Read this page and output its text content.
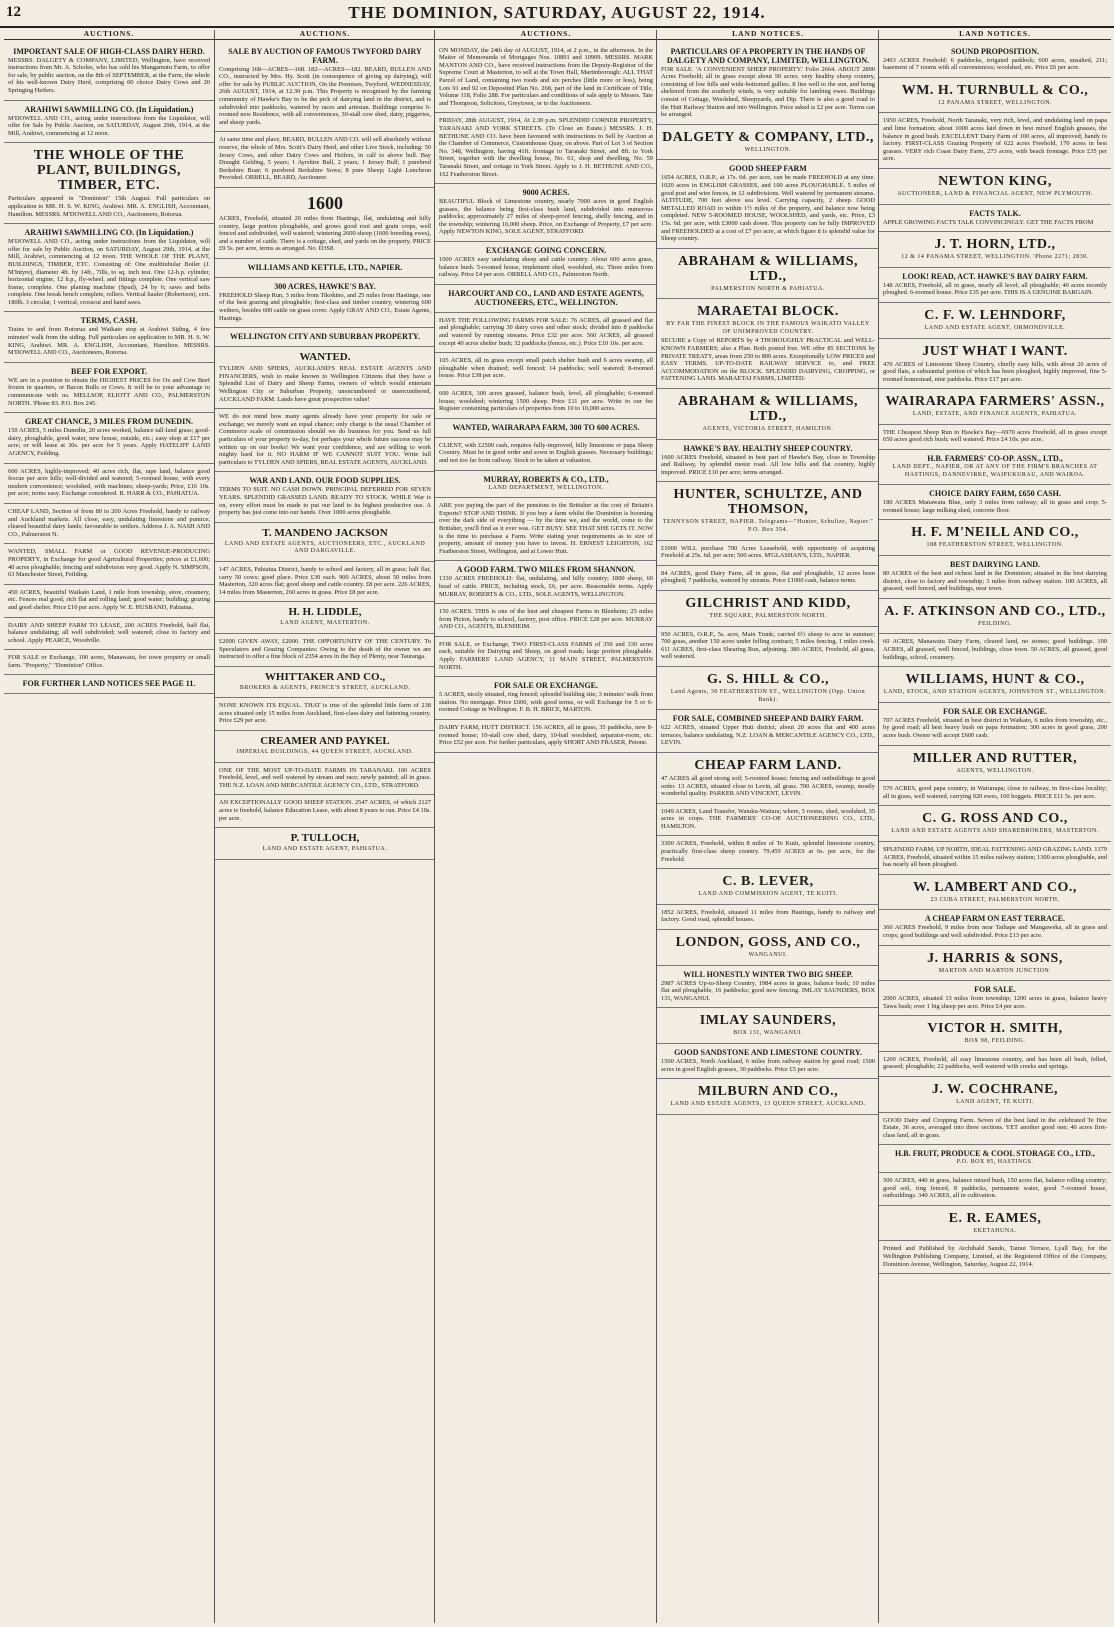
12	THE DOMINION, SATURDAY, AUGUST 22, 1914.
AUCTIONS.
IMPORTANT SALE OF HIGH-CLASS DAIRY HERD.

MESSRS. DALGETY & COMPANY, LIMITED, Wellington, have received instructions from Mr. A. Scholes, who has sold his Mangamutu Farm, to offer for sale, by public auction, on the 8th of SEPTEMBER, at the Farm, the whole of his well-known Dairy Herd, comprising 60 choice Dairy Cows and 20 Springing Heifers.

ARAHIWI SAWMILLING CO. (In Liquidation.)

M'DOWELL AND CO., acting under instructions from the Liquidator, will offer for Sale by Public Auction, on SATURDAY, August 29th, 1914, at the Mill, Arahiwi, commencing at 12 noon.

THE WHOLE OF THE PLANT, BUILDINGS, TIMBER, ETC.

Particulars appeared in "Dominion" 15th August. Full particulars on application to MR. H. S. W. KING, Arahiwi. MR. A. ENGLISH, Accountant, Hamilton. MESSRS. M'DOWELL AND CO., Auctioneers, Rotorua.

ARAHIWI SAWMILLING CO. (In Liquidation.)

M'DOWELL AND CO., acting under instructions from the Liquidator, will offer for sale by Public Auction, on SATURDAY, August 29th, 1914, at the Mill, Arahiwi, commencing at 12 noon. THE WHOLE OF THE PLANT, BUILDINGS, TIMBER, ETC. Consisting of: One multitubular Boiler (J. M'Intyre), diameter 4ft. by 14ft., 7ills, to sq. inch test. One 12-h.p. cylinder, horizontal engine, 12 h.p., fly-wheel, and fittings complete. One vertical saw frame, complete. One planing machine (Spud), 24 by 6; saws and belts complete. One break bench complete, rollers. Vertical hauler (Robertson), cert. 180lb. 3 circular, 1 vertical, crosscut and hand saws.

TERMS, CASH.

Trains to and from Rotorua and Waikato stop at Arahiwi Siding, 4 few minutes' walk from the siding. Full particulars on application to MR. H. S. W. KING, Arahiwi. MR. A. ENGLISH, Accountant, Hamilton. MESSRS. M'DOWELL AND CO., Auctioneers, Rotorua.

BEEF FOR EXPORT.

WE are in a position to obtain the HIGHEST PRICES for Ox and Cow Beef frozen in quarters, or Bacon Bulls or Cows. It will be to your advantage to communicate with us. MELLSOP, ELIOTT AND CO., PALMERSTON NORTH. 'Phone 83. P.O. Box 245.

GREAT CHANCE, 3 MILES FROM DUNEDIN.

150 ACRES, 5 miles Dunedin, 20 acres worked, balance tall-land grass; good-dairy, ploughable, good water, new house, outside, etc.; easy shop at £17 per acre; or will lease at 30s. per acre for 5 years. Apply HATELIFF LAND AGENCY, Feilding.

600 ACRES, highly-improved; 40 acres rich, flat, rape land, balance good fescue per acre hills; well-divided and watered; 5-roomed house, with every modern convenience; woolshed, with machines; sheep-yards; Price, £16 10s. per acre; terms easy. Exchange considered. B. HARR & CO., PAHIATUA.

CHEAP LAND, Section of from 80 to 200 Acres Freehold, handy to railway and Auckland markets. All close, easy, undulating limestone and pumice; cleared beautiful dairy lands; favourable to settlers. Address J. A. NASH AND CO., Palmerston N.

WANTED, SMALL FARM or GOOD REVENUE-PRODUCING PROPERTY, in Exchange for good Agricultural Properties; prices at £1,600; 40 acres ploughable; fencing and subdivision very good. Apply N. SIMPSON, 63 Manchester Street, Feilding.

450 ACRES, beautiful Waikato Land, 1 mile from township, store, creamery, etc. Fences real good, rich flat and rolling land; good water; building; grazing and good shelter. Price £10 per acre. Apply W. E. HUSBAND, Pahiatua.

DAIRY AND SHEEP FARM TO LEASE, 200 ACRES Freehold, half flat, balance undulating; all well subdivided; well watered; close to factory and school. Apply PEARCE, Woodville.

FOR SALE or Exchange, 100 acres, Manawatu, for town property or small farm. "Property," "Dominion" Office.

FOR FURTHER LAND NOTICES SEE PAGE 11.
AUCTIONS.
SALE BY AUCTION OF FAMOUS TWYFORD DAIRY FARM.

Comprising 168—ACRES—168. 182—ACRES—182. BEARD, BULLEN AND CO., instructed by Mrs. Hy. Scott (in consequence of giving up dairying), will offer for sale by PUBLIC AUCTION, On the Premises, Twyford, WEDNESDAY, 26th AUGUST, 1914, at 12.30 p.m. This Property is recognised by the farming community of Hawke's Bay to be the pick of dairying land in the district, and is subdivided into paddocks, watered by races and artesian. Buildings comprise 6-roomed new Residence, with all conveniences, 30-stall cow shed, dairy, piggeries, and sheep yards.

At same time and place, BEARD, BULLEN AND CO. will sell absolutely without reserve, the whole of Mrs. Scott's Dairy Herd, and other Live Stock, including: 50 Jersey Cows, and other Dairy Cows and Heifers, in calf to above bull. Bay Draught Gelding, 5 years; 1 Ayrshire Bull, 2 years; 1 Jersey Bull; 1 purebred Berkshire Boar; 6 purebred Berkshire Sows; 8 pure Sheep; Light Luncheon Provided. ORBELL, BEARD, Auctioneer.

1600

ACRES, Freehold, situated 20 miles from Hastings, flat, undulating and hilly country, large portion ploughable, and grows good root and grain crops, well fenced and subdivided, well watered; wintering 2600 sheep (1600 breeding ewes), and a number of cattle. There is a cottage, shed, and yards on the property. PRICE £9 5s. per acre, terms as arranged. No. D3S8.

WILLIAMS AND KETTLE, LTD., NAPIER.
300 ACRES, HAWKE'S BAY.

FREEHOLD Sheep Run, 3 miles from Tikokino, and 25 miles from Hastings, one of the best grazing and ploughable; first-class and timber country, wintering 600 wethers, besides 600 cattle on grass cover. Apply GRAY AND CO., Estate Agents, Hastings.

WELLINGTON CITY AND SUBURBAN PROPERTY.
WANTED.

TYLDEN AND SPIERS, AUCKLAND'S REAL ESTATE AGENTS AND FINANCIERS, wish to make known to Wellington Citizens that they have a Splendid List of Dairy and Sheep Farms, owners of which would entertain Wellington City or Suburban Property, unencumbered or unencumbered, AUCKLAND FARM. Lands have great prospective value!

WE do not mind how many agents already have your property for sale or exchange; we merely want an equal chance; only charge is the usual Chamber of Commerce scale of commission should we do business for you. Send us full particulars of your property to-day, for perhaps your whole future success may be written up on our books! We want your confidence, and are willing to work mighty hard for it. NO HARM IF WE CANNOT SUIT YOU. Write full particulars to TYLDEN AND SPIERS, REAL ESTATE AGENTS, AUCKLAND.

WAR AND LAND. OUR FOOD SUPPLIES.

TERMS TO SUIT. NO CASH DOWN. PRINCIPAL DEFERRED FOR SEVEN YEARS. SPLENDID GRASSED LAND. READY TO STOCK. WHILE War is on, every effort must be made to put our land to its highest productive use. A property has just come into our hands. Over 1000 acres ploughable.

T. MANDENO JACKSON
LAND AND ESTATE AGENTS, AUCTIONEERS, ETC., AUCKLAND AND DARGAVILLE.

147 ACRES, Pahiatua District, handy to school and factory, all in grass; half flat, carry 50 cows; good place. Price £30 each. 900 ACRES, about 50 miles from Masterton, 320 acres flat; good sheep and cattle country. £8 per acre. 226 ACRES, 14 miles from Masterton, 260 acres in grass. Price £8 per acre.

H. H. LIDDLE,
LAND AGENT, MASTERTON.

£2000 GIVEN AWAY, £2000. THE OPPORTUNITY OF THE CENTURY. To Speculators and Grazing Companies: Owing to the death of the owner we are instructed to offer a fine block of 2354 acres in the Bay of Plenty, near Tauranga.

WHITTAKER AND CO.,
BROKERS & AGENTS, PRINCE'S STREET, AUCKLAND.

NONE KNOWN ITS EQUAL. THAT is true of the splendid little farm of 238 acres situated only 15 miles from Auckland, first-class dairy and fattening country. Price £29 per acre.

CREAMER AND PAYKEL
IMPERIAL BUILDINGS, 44 QUEEN STREET, AUCKLAND.

ONE OF THE MOST UP-TO-DATE FARMS IN TARANAKI. 100 ACRES Freehold, level, and well watered by stream and race; newly painted; all in grass. THE N.Z. LOAN AND MERCANTILE AGENCY CO., LTD., STRATFORD.

AN EXCEPTIONALLY GOOD SHEEP STATION. 2547 ACRES, of which 2127 acres is freehold, balance Education Lease, with about 8 years to run. Price £4 10s. per acre.

P. TULLOCH,
LAND AND ESTATE AGENT, PAHIATUA.
AUCTIONS.

ON MONDAY, the 24th day of AUGUST, 1914, at 2 p.m., in the afternoon. In the Matter of Memoranda of Mortgages Nos. 10891 and 10909. MESSRS. MARK MANTON AND CO., have received instructions from the Deputy-Registrar of the Supreme Court at Masterton, to sell at the Town Hall, Martinborough: ALL THAT Parcel of Land, containing two roods and six perches (little more or less), being Lots 91 and 92 on Deposited Plan No. 268, part of the land in Certificate of Title, Volume 118, Folio 288. For particulars and conditions of sale apply to Messrs. Tate and Thompson, Solicitors, Greytown, or to the Auctioneers.

FRIDAY, 28th AUGUST, 1914, At 2.30 p.m. SPLENDID CORNER PROPERTY, TARANAKI AND YORK STREETS. (To Close an Estate.) MESSRS. J. H. BETHUNE AND CO. have been favoured with instructions to Sell by Auction at the Chamber of Commerce, Customhouse Quay, on above. Part of Lot 3 of Section No. 348, Wellington, having 41ft. frontage to Taranaki Street, and 8ft. to York Street, together with the dwelling house, No. 61, shop and dwelling, No. 59 Taranaki Street, and cottage in York Street. Apply to J. H. BETHUNE AND CO., 162 Featherston Street.

9000 ACRES.

BEAUTIFUL Block of Limestone country, nearly 7000 acres in good English grasses, the balance being first-class bush land, subdivided into numerous paddocks; approximately 27 miles of sheep-proof fencing, shelly fencing, and in the township; wintering 10,000 sheep. Price, on Exchange of Property, £7 per acre. Apply NEWTON KING, SOLE AGENT, STRATFORD.

EXCHANGE GOING CONCERN.

1000 ACRES easy undulating sheep and cattle country. About 600 acres grass, balance bush. 5-roomed house, implement shed, woolshed, etc. Three miles from railway. Price £4 per acre. ORBELL AND CO., Palmerston North.

HARCOURT AND CO., LAND AND ESTATE AGENTS, AUCTIONEERS, ETC., WELLINGTON.

HAVE THE FOLLOWING FARMS FOR SALE: 76 ACRES, all grassed and flat and ploughable; carrying 30 dairy cows and other stock; divided into 8 paddocks and watered by running streams. Price £32 per acre. 560 ACRES, all grassed except 40 acres shelter bush; 32 paddocks (fences, etc.). Price £10 10s. per acre.

105 ACRES, all in grass except small patch shelter bush and 6 acres swamp, all ploughable when drained; well fenced; 14 paddocks; well watered; 8-roomed house. Price £38 per acre.

600 ACRES, 300 acres grassed, balance bush, level, all ploughable; 6-roomed house; woolshed; wintering 1500 sheep. Price £11 per acre. Write to our fee Register containing particulars of properties from 10 to 10,000 acres.

WANTED, WAIRARAPA FARM, 300 TO 600 ACRES.

CLIENT, with £2500 cash, requires fully-improved, hilly limestone or papa Sheep Country. Must be in good order and sown in English grasses. Necessary buildings; and not too far from railway. Stock to be taken at valuation.

MURRAY, ROBERTS & CO., LTD.,
LAND DEPARTMENT, WELLINGTON.

ARE you paying the part of the pensions to the Britisher at the cost of Britain's Exports? STOP AND THINK. If you buy a farm whilst the Dominion is booming over the dark side of everything — by the time we, and the world, come to the Britisher, you'll find as it ever was. GET BUSY. SEE THAT SHE GETS IT. NOW is the time to purchase a Farm. Write stating your requirements as to size of property, amount of money you have to invest. H. ERNEST LEIGHTON, 162 Featherston Street, Wellington, and at Lower Hutt.

A GOOD FARM. TWO MILES FROM SHANNON.

1330 ACRES FREEHOLD: flat, undulating, and hilly country; 1800 sheep, 60 head of cattle. PRICE, including stock, £6, per acre. Reasonable terms. Apply MURRAY, ROBERTS & CO., LTD., SOLE AGENTS, WELLINGTON.

150 ACRES. THIS is one of the best and cheapest Farms in Blenheim; 25 miles from Picton, handy to school, factory, post office. PRICE £28 per acre. MURRAY AND CO., AGENTS, BLENHEIM.

FOR SALE, or Exchange, TWO FIRST-CLASS FARMS of 350 and 330 acres each, suitable for Dairying and Sheep, on good roads; large portion ploughable. Apply FARMERS' LAND AGENCY, 11 MAIN STREET, PALMERSTON NORTH.

FOR SALE OR EXCHANGE.

5 ACRES, nicely situated, ring fenced; splendid building site; 3 minutes' walk from station. No mortgage. Price £600, with good terms, or will Exchange for 5 or 6-roomed Cottage in Wellington. F. B. H. BRICE, MARTON.

DAIRY FARM, HUTT DISTRICT. 156 ACRES, all in grass, 35 paddocks, new 8-roomed house; 10-stall cow shed, dairy, 10-bail woolshed, separator-room, etc. Price £52 per acre. For further particulars, apply SHORT AND FRASER, Petone.

LAND NOTICES.
PARTICULARS OF A PROPERTY IN THE HANDS OF DALGETY AND COMPANY, LIMITED, WELLINGTON.

FOR SALE. 'A CONVENIENT SHEEP PROPERTY.' Folio 2664. ABOUT 2800 Acres Freehold; all in grass except about 50 acres; very healthy sheep country, consisting of low hills and wide-bottomed gullies. It lies well to the sun, and being sheltered from the southerly winds, is very suitable for lambing ewes. Buildings consist of Cottage, Woolshed, Sheepyards, and Dip. There is also a good road to the Hutt Railway Station and into Wellington. Price asked is £2 per acre. Terms can be arranged.

DALGETY & COMPANY, LTD.,
WELLINGTON.
GOOD SHEEP FARM

1654 ACRES, O.R.P., at 17s. 6d. per acre, can be made FREEHOLD at any time. 1020 acres in ENGLISH GRASSES, and 100 acres PLOUGHABLE. 5 miles of good post and wire fences, in 12 subdivisions. Well watered by permanent streams. ALTITUDE, 700 feet above sea level. Carrying capacity, 2 sheep. GOOD METALLED ROAD to within 1½ miles of the property, and balance now being completed. NEW 5-ROOMED HOUSE, WOOLSHED, and yards, etc. Price, £3 15s. 6d. per acre, with £3000 cash down. This property can be fully IMPROVED and FREEHOLDED at a cost of £7 per acre, at which figure it is splendid value for Sheep country.

ABRAHAM & WILLIAMS, LTD.,
PALMERSTON NORTH & PAHIATUA.
MARAETAI BLOCK.
BY FAR THE FINEST BLOCK IN THE FAMOUS WAIKATO VALLEY OF UNIMPROVED COUNTRY.

SECURE a Copy of REPORTS by 4 THOROUGHLY PRACTICAL and WELL-KNOWN FARMERS; also a Plan. Both posted free. WE offer 85 SECTIONS by PRIVATE TREATY, areas from 250 to 800 acres. Exceptionally LOW PRICES and EASY TERMS. UP-TO-DATE RAILWAY SERVICE to, and FREE ACCOMMODATION on the BLOCK. SPLENDID DAIRYING, CROPPING, or FATTENING LAND. MARAETAI FARMS, LIMITED.

ABRAHAM & WILLIAMS, LTD.,
AGENTS, VICTORIA STREET, HAMILTON.
HAWKE'S BAY. HEALTHY SHEEP COUNTRY.

1600 ACRES Freehold, situated in best part of Hawke's Bay, close to Township and Railway, by splendid motor road. All low hills and flat country, highly improved. PRICE £10 per acre; terms arranged.

HUNTER, SCHULTZE, AND THOMSON,
TENNYSON STREET, NAPIER. Telegrams—"Hunter, Schultze, Napier." P.O. Box 354.

£1000 WILL purchase 700 Acres Leasehold, with opportunity of acquiring Freehold at 25s. 6d. per acre; 500 acres. M'GLASHAN'S, LTD., NAPIER.

84 ACRES, good Dairy Farm, all in grass, flat and ploughable, 12 acres been ploughed; 7 paddocks, watered by streams. Price £1000 cash, balance terms.

GILCHRIST AND KIDD,
THE SQUARE, PALMERSTON NORTH.

950 ACRES, O.R.P., 5s. acre, Main Trunk; carried 6½ sheep to acre in summer; 700 grass, another 150 acres under felling contract; 5 miles fencing, 1 miles creek. 611 ACRES, first-class Shearing Run, adjoining. 380 ACRES, Freehold, all grass, well watered.

G. S. HILL & CO.,
Land Agents, 30 FEATHERSTON ST., WELLINGTON (Opp. Union Bank).
FOR SALE, COMBINED SHEEP AND DAIRY FARM.

622 ACRES, situated Upper Hutt district, about 20 acres flat and 400 acres terraces, balance undulating. N.Z. LOAN & MERCANTILE AGENCY CO., LTD., LEVIN.

CHEAP FARM LAND.

47 ACRES all good strong soil; 5-roomed house; fencing and outbuildings in good order. 13 ACRES, situated close to Levin, all grass. 700 ACRES, swamp, mostly wonderful quality. PARKER AND VINCENT, LEVIN.

1049 ACRES, Land Transfer, Waiuku-Waitara; where, 5 rooms, shed, woolshed, 35 acres in crops. THE FARMERS' CO-OP. AUCTIONEERING CO., LTD., HAMILTON.

3300 ACRES, Freehold, within 8 miles of Te Kuiti, splendid limestone country, practically first-class sheep country. 79,459 ACRES at 6s. per acre, for the Freehold.

C. B. LEVER,
LAND AND COMMISSION AGENT, TE KUITI.

1852 ACRES, Freehold, situated 11 miles from Hastings, handy to railway and factory. Good road, splendid houses.

LONDON, GOSS, AND CO.,
WANGANUI.
WILL HONESTLY WINTER TWO BIG SHEEP.

2987 ACRES Up-to-Sheep Country, 1984 acres in grass, balance bush; 10 miles flat and ploughable, 16 paddocks; good new fencing. IMLAY SAUNDERS, BOX 131, WANGANUI.

IMLAY SAUNDERS,
BOX 131, WANGANUI.
GOOD SANDSTONE AND LIMESTONE COUNTRY.

1500 ACRES, North Auckland, 6 miles from railway station by good road; 1500 acres in good English grasses, 30 paddocks. Price £5 per acre.

MILBURN AND CO.,
LAND AND ESTATE AGENTS, 13 QUEEN STREET, AUCKLAND.
LAND NOTICES.
SOUND PROPOSITION.

2403 ACRES Freehold: 6 paddocks, irrigated paddock; 600 acres, unsalted, 211; basement of 7 rooms with all conveniences; woolshed, etc. Price £6 per acre.

WM. H. TURNBULL & CO.,
12 PANAMA STREET, WELLINGTON.

1950 ACRES, Freehold, North Taranaki, very rich, level, and undulating land on papa and lime formation; about 1000 acres laid down in best mixed English grasses, the balance in good bush. EXCELLENT Dairy Farm of 100 acres, all improved; handy to factory. FIRST-CLASS Grazing Property of 622 acres Freehold, 170 acres in best grasses. VERY rich Coast Dairy Farm, 273 acres, with beach frontage. Price £35 per acre.

NEWTON KING,
AUCTIONEER, LAND & FINANCIAL AGENT, NEW PLYMOUTH.
FACTS TALK.

APPLE GROWING FACTS TALK CONVINCINGLY. GET THE FACTS FROM

J. T. HORN, LTD.,
12 & 14 PANAMA STREET, WELLINGTON. 'Phone 2271; 2830.
LOOK! READ, ACT. HAWKE'S BAY DAIRY FARM.

148 ACRES, Freehold, all in grass, nearly all level; all ploughable; 40 acres recently ploughed. 6-roomed house. Price £35 per acre. THIS IS A GENUINE BARGAIN.

C. F. W. LEHNDORF,
LAND AND ESTATE AGENT, ORMONDVILLE.
JUST WHAT I WANT.

470 ACRES of Limestone Sheep Country, chiefly easy hills, with about 20 acres of good flats, a substantial portion of which has been ploughed, highly improved, fine 5-roomed homestead, nine paddocks. Price £17 per acre.

WAIRARAPA FARMERS' ASSN.,
LAND, ESTATE, AND FINANCE AGENTS, PAHIATUA.

THE Cheapest Sheep Run in Hawke's Bay—6970 acres Freehold, all in grass except 650 acres good rich bush; well watered. Price £4 10s. per acre.

H.B. FARMERS' CO-OP. ASSN., LTD.,
LAND DEPT., NAPIER, OR AT ANY OF THE FIRM'S BRANCHES AT HASTINGS, DANNEVIRKE, WAIPUKURAU, AND WAIROA.
CHOICE DAIRY FARM, £650 CASH.

180 ACRES Manawatu Blue, only 3 miles from railway; all in grass and crop; 5-roomed house; large milking shed, concrete floor.

H. F. M'NEILL AND CO.,
188 FEATHERSTON STREET, WELLINGTON.
BEST DAIRYING LAND.

80 ACRES of the best and richest land in the Dominion; situated in the best dairying district, close to factory and township; 3 miles from railway station. 100 ACRES, all grassed, well fenced, and buildings, near town.

A. F. ATKINSON AND CO., LTD.,
FEILDING.

60 ACRES, Manawatu Dairy Farm, cleared land, no stones; good buildings. 100 ACRES, all grassed, well fenced, buildings, close town. 50 ACRES, all grassed, good buildings, school, creamery.

WILLIAMS, HUNT & CO.,
LAND, STOCK, AND STATION AGENTS, JOHNSTON ST., WELLINGTON.
FOR SALE OR EXCHANGE.

707 ACRES Freehold, situated in best district in Waikato, 6 miles from township, etc., by good road; all best heavy bush on papa formation; 300 acres in good grass, 200 acres bush. Owner will accept £600 cash.

MILLER AND RUTTER,
AGENTS, WELLINGTON.

570 ACRES, good papa country, in Wairarapa; close to railway, in first-class locality; all in grass, well watered, carrying 920 ewes, 160 hoggets. PRICE £11 5s. per acre.

C. G. ROSS AND CO.,
LAND AND ESTATE AGENTS AND SHAREBROKERS, MASTERTON.

SPLENDID FARM, UP NORTH, IDEAL FATTENING AND GRAZING LAND. 1379 ACRES, Freehold, situated within 15 miles railway station; 1300 acres ploughable, and has nearly all been ploughed.

W. LAMBERT AND CO.,
23 CUBA STREET, PALMERSTON NORTH.
A CHEAP FARM ON EAST TERRACE.

360 ACRES Freehold, 9 miles from near Taihape and Mangaweka, all in grass and crops; good buildings and well subdivided. Price £13 per acre.

J. HARRIS & SONS,
MARTON AND MARTON JUNCTION.
FOR SALE.

2000 ACRES, situated 13 miles from township; 1200 acres in grass, balance heavy Tawa bush; over 1 big sheep per acre. Price £4 per acre.

VICTOR H. SMITH,
BOX 98, FEILDING.

1200 ACRES, Freehold, all easy limestone country, and has been all bush, felled, grassed; ploughable; 22 paddocks, well watered with creeks and springs.

J. W. COCHRANE,
LAND AGENT, TE KUITI.

GOOD Dairy and Cropping Farm. Seven of the best land in the celebrated Te Hoe Estate, 36 acres, averaged into three sections. YET another good one; 40 acres first-class land, all in grass.

H.B. FRUIT, PRODUCE & COOL STORAGE CO., LTD.,
P.O. BOX 85, HASTINGS.

500 ACRES, 440 in grass, balance mixed bush, 150 acres flat, balance rolling country; good soil, ring fenced, 8 paddocks, permanent water, good 7-roomed house, outbuildings. 340 ACRES, all in cultivation.

E. R. EAMES,
EKETAHUNA.

Printed and Published by Archibald Sando, Tainui Terrace, Lyall Bay, for the Wellington Publishing Company, Limited, at the Registered Office of the Company, Dominion Avenue, Wellington, Saturday, August 22, 1914.
